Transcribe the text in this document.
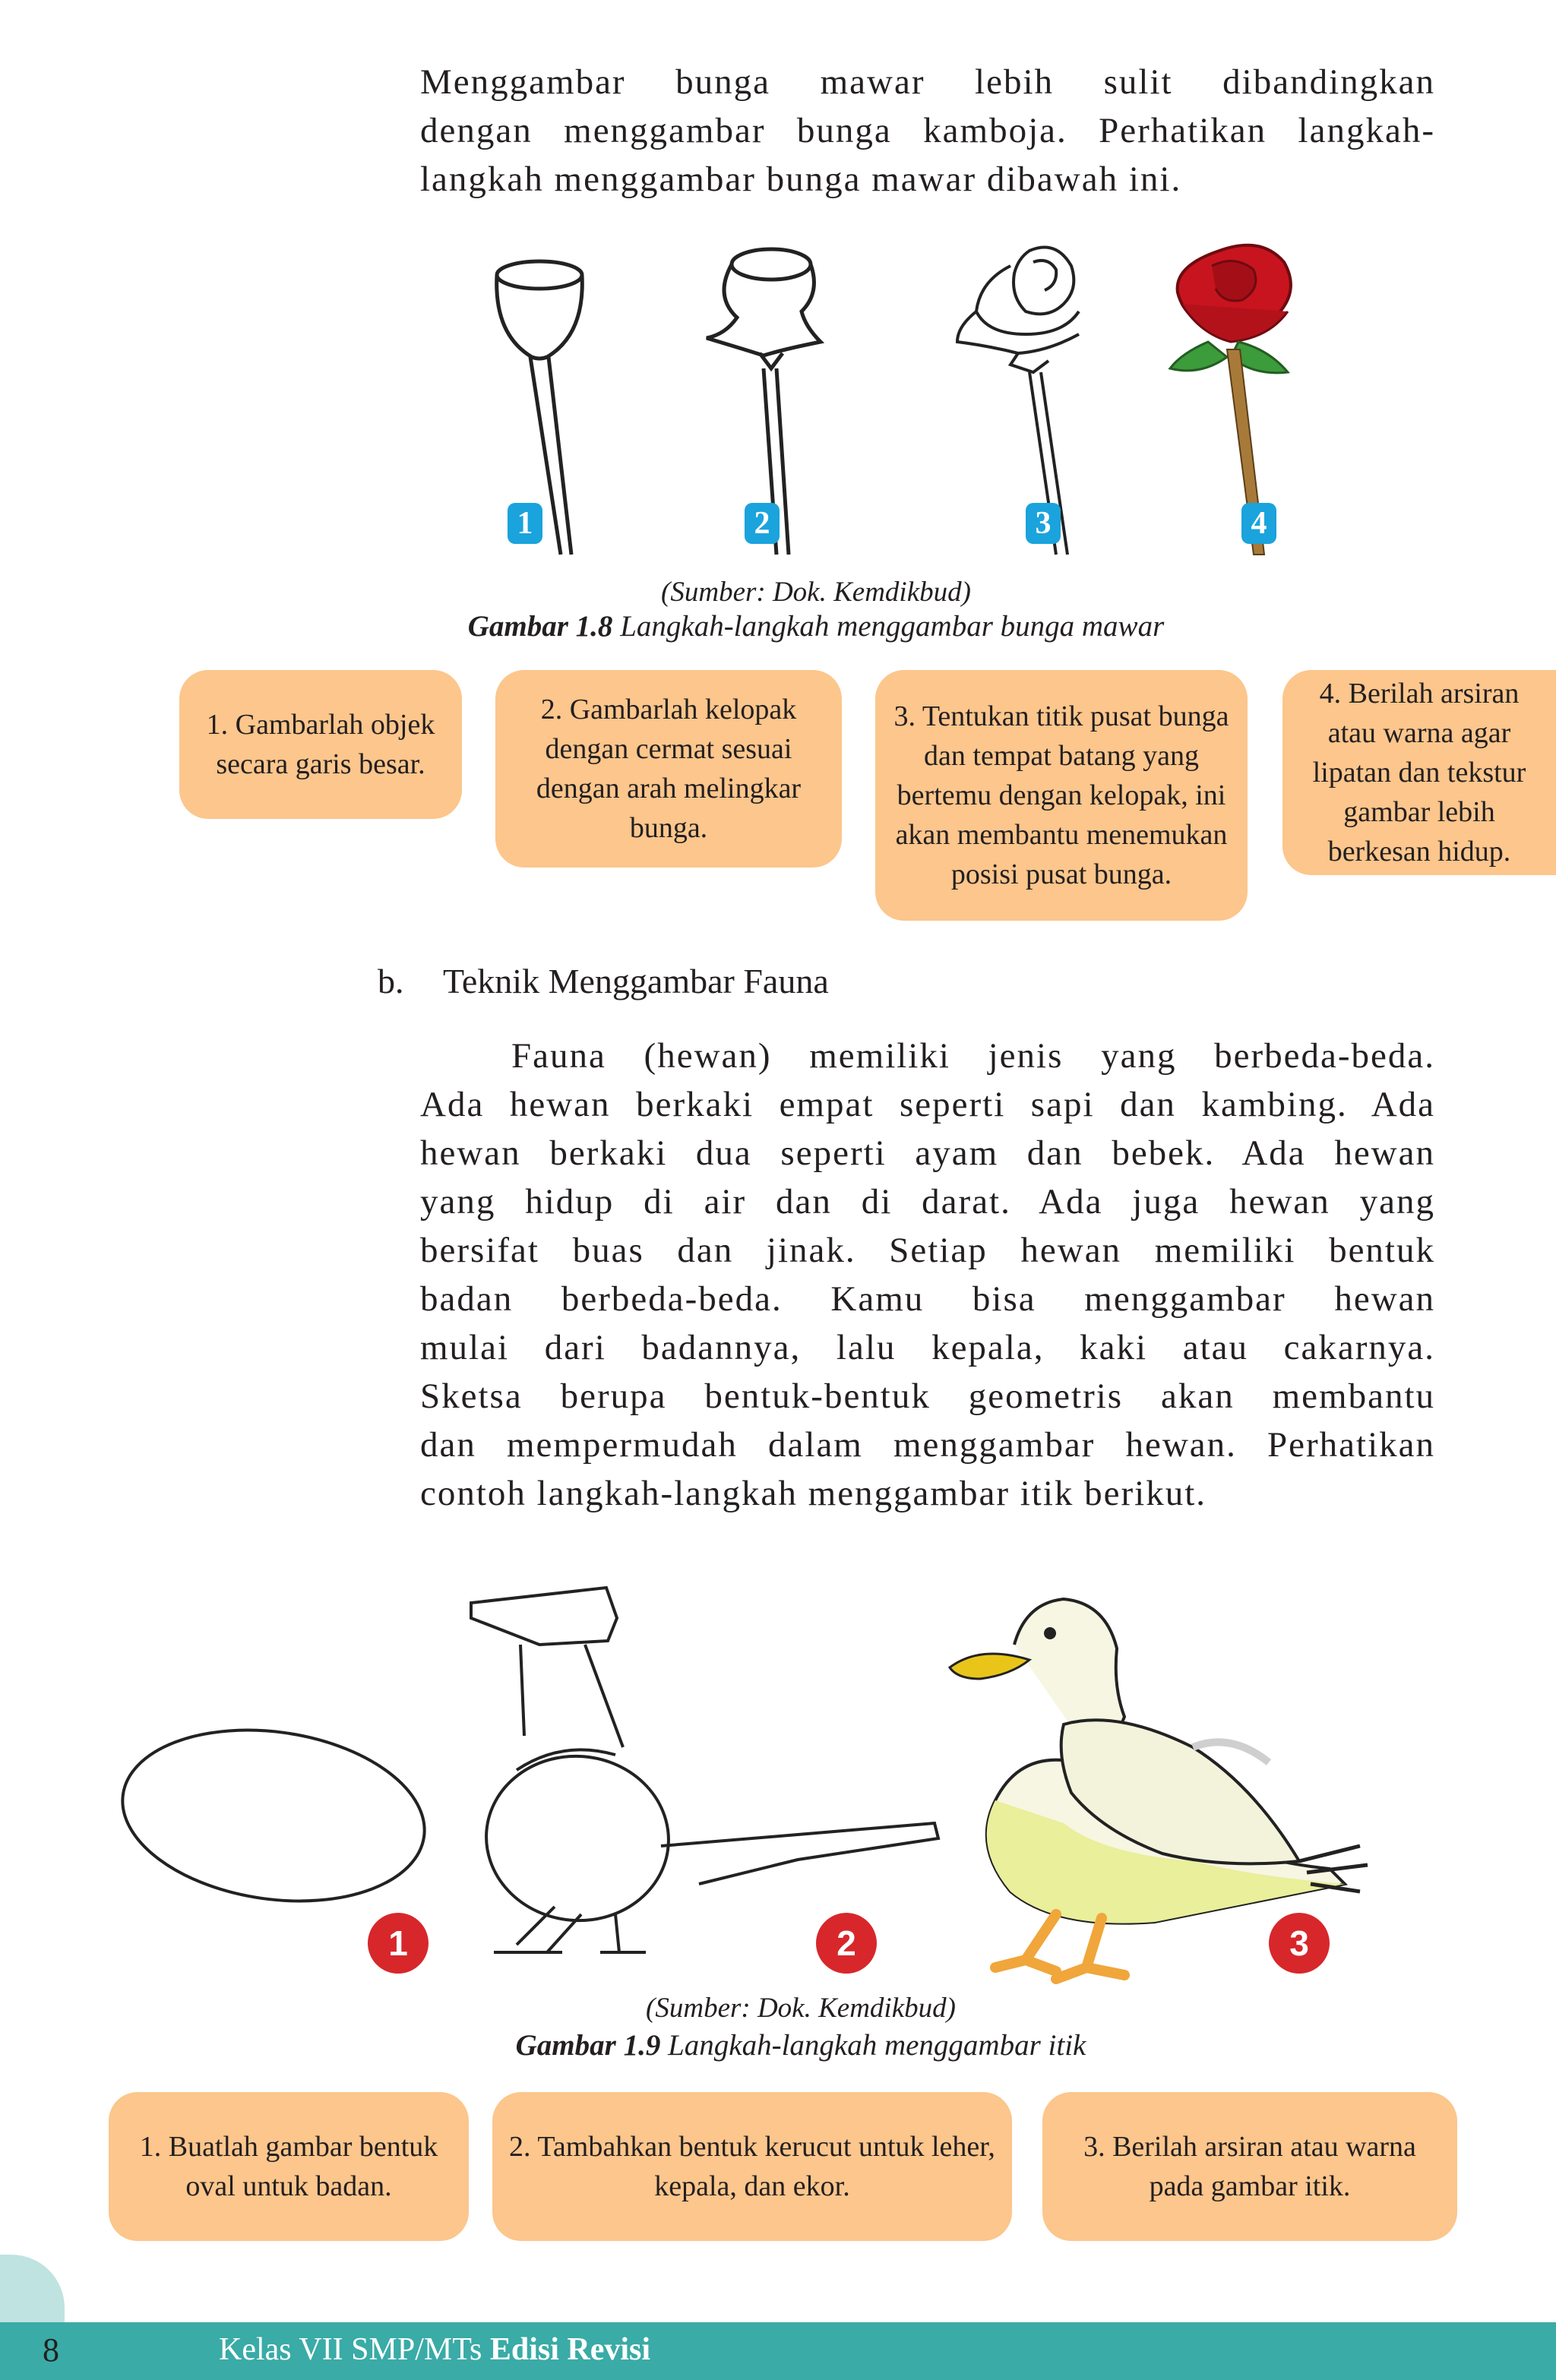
Menggambar bunga mawar lebih sulit dibandingkan
dengan menggambar bunga kamboja. Perhatikan langkah-
langkah menggambar bunga mawar dibawah ini.
1	2	3	4
(Sumber: Dok. Kemdikbud)
Gambar 1.8 Langkah-langkah menggambar bunga mawar
1. Gambarlah objek secara garis besar.
2. Gambarlah kelopak dengan cermat sesuai dengan arah melingkar bunga.
3. Tentukan titik pusat bunga dan tempat batang yang bertemu dengan kelopak, ini akan membantu menemukan posisi pusat bunga.
4. Berilah arsiran atau warna agar lipatan dan tekstur gambar lebih berkesan hidup.
b. Teknik Menggambar Fauna
Fauna (hewan) memiliki jenis yang berbeda-beda.
Ada hewan berkaki empat seperti sapi dan kambing. Ada
hewan berkaki dua seperti ayam dan bebek. Ada hewan
yang hidup di air dan di darat. Ada juga hewan yang
bersifat buas dan jinak. Setiap hewan memiliki bentuk
badan berbeda-beda. Kamu bisa menggambar hewan
mulai dari badannya, lalu kepala, kaki atau cakarnya.
Sketsa berupa bentuk-bentuk geometris akan membantu
dan mempermudah dalam menggambar hewan. Perhatikan
contoh langkah-langkah menggambar itik berikut.
1	2	3
(Sumber: Dok. Kemdikbud)
Gambar 1.9 Langkah-langkah menggambar itik
1. Buatlah gambar bentuk oval untuk badan.
2. Tambahkan bentuk kerucut untuk leher, kepala, dan ekor.
3. Berilah arsiran atau warna pada gambar itik.
8	Kelas VII SMP/MTs Edisi Revisi
